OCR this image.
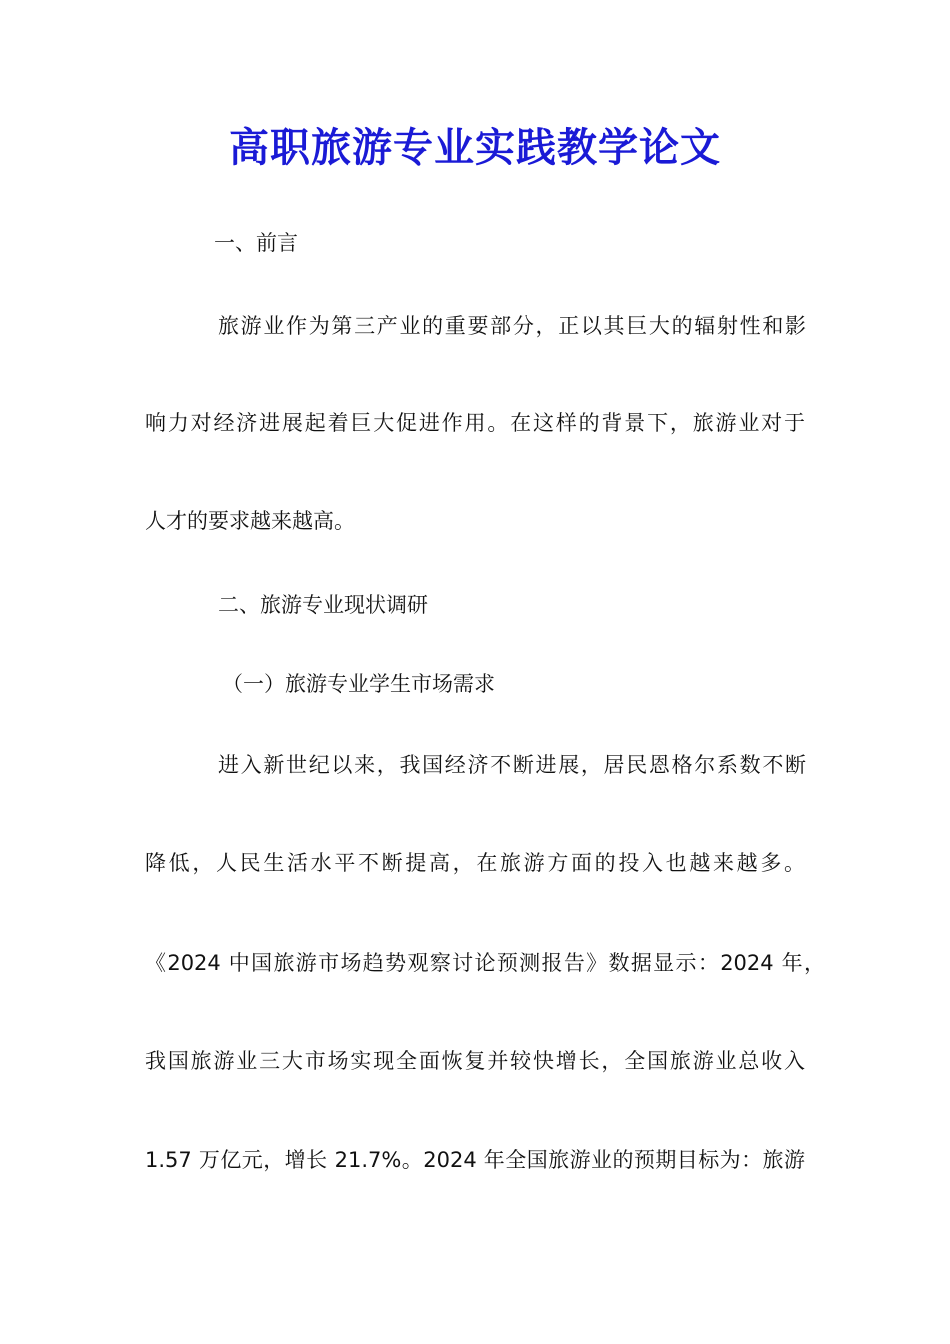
高职旅游专业实践教学论文
一、前言
旅游业作为第三产业的重要部分，正以其巨大的辐射性和影
响力对经济进展起着巨大促进作用。在这样的背景下，旅游业对于
人才的要求越来越高。
二、旅游专业现状调研
（一）旅游专业学生市场需求
进入新世纪以来，我国经济不断进展，居民恩格尔系数不断
降低，人民生活水平不断提高，在旅游方面的投入也越来越多。
《2024 中国旅游市场趋势观察讨论预测报告》数据显示：2024 年，
我国旅游业三大市场实现全面恢复并较快增长，全国旅游业总收入
1.57 万亿元，增长 21.7%。2024 年全国旅游业的预期目标为：旅游
